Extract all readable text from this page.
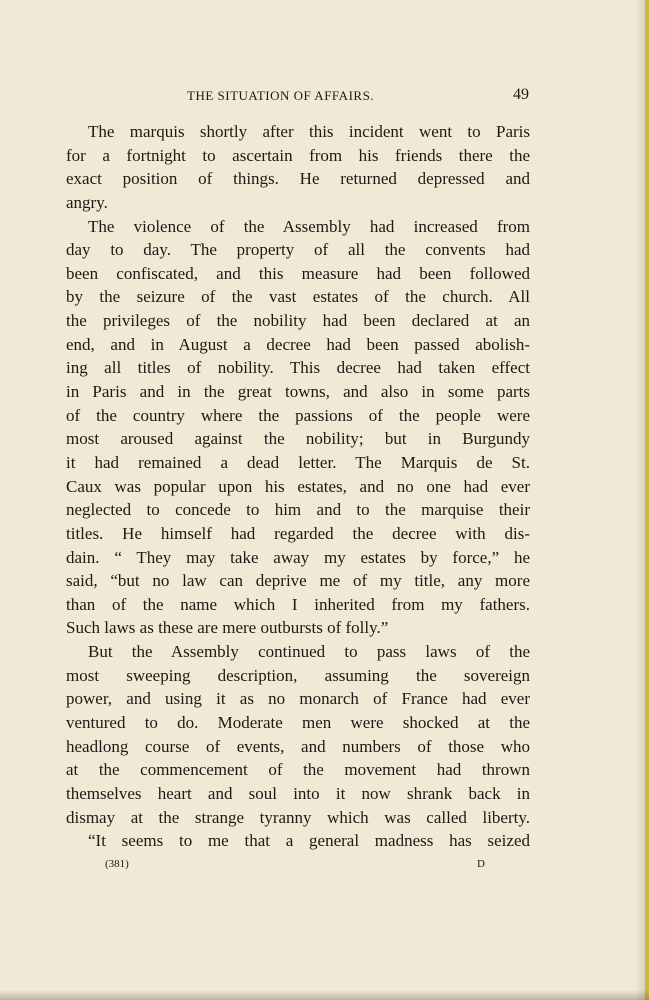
THE SITUATION OF AFFAIRS.	49
The marquis shortly after this incident went to Paris
for a fortnight to ascertain from his friends there the
exact position of things. He returned depressed and
angry.
The violence of the Assembly had increased from
day to day. The property of all the convents had
been confiscated, and this measure had been followed
by the seizure of the vast estates of the church. All
the privileges of the nobility had been declared at an
end, and in August a decree had been passed abolish-
ing all titles of nobility. This decree had taken effect
in Paris and in the great towns, and also in some parts
of the country where the passions of the people were
most aroused against the nobility; but in Burgundy
it had remained a dead letter. The Marquis de St.
Caux was popular upon his estates, and no one had ever
neglected to concede to him and to the marquise their
titles. He himself had regarded the decree with dis-
dain. “ They may take away my estates by force,” he
said, “but no law can deprive me of my title, any more
than of the name which I inherited from my fathers.
Such laws as these are mere outbursts of folly.”
But the Assembly continued to pass laws of the
most sweeping description, assuming the sovereign
power, and using it as no monarch of France had ever
ventured to do. Moderate men were shocked at the
headlong course of events, and numbers of those who
at the commencement of the movement had thrown
themselves heart and soul into it now shrank back in
dismay at the strange tyranny which was called liberty.
“It seems to me that a general madness has seized
(381)	D
